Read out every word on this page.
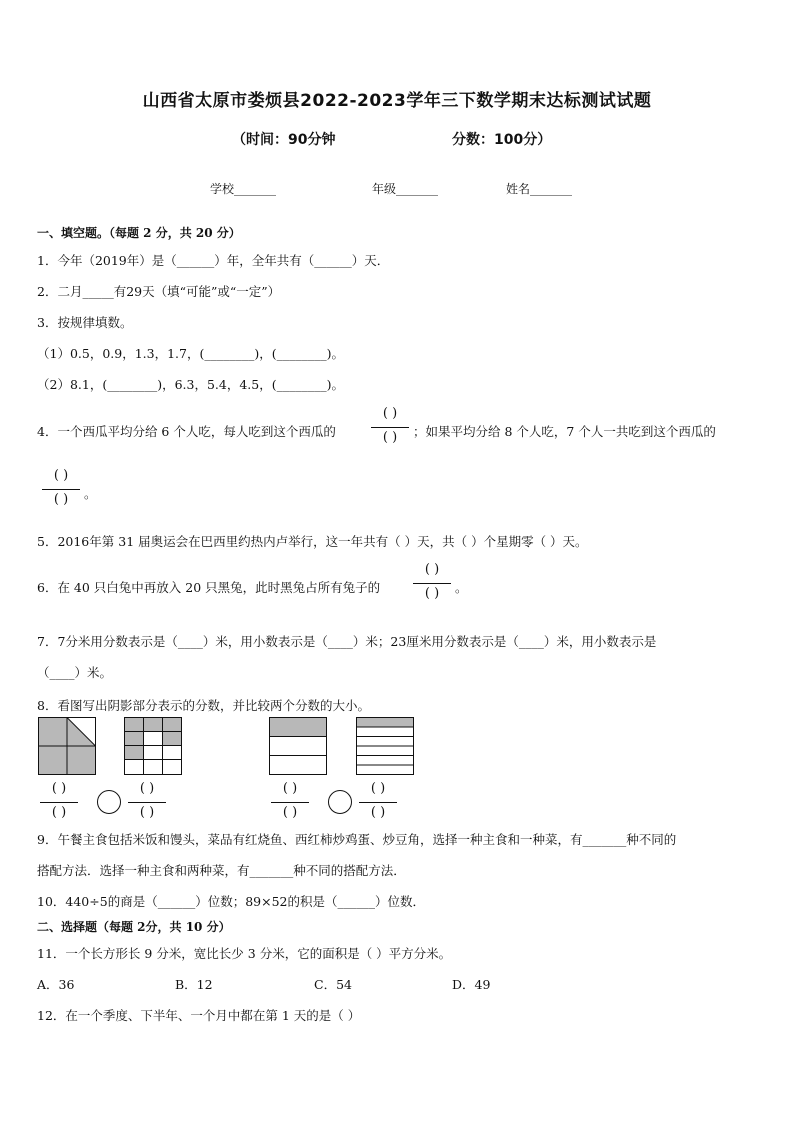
山西省太原市娄烦县2022-2023学年三下数学期末达标测试试题
（时间：90分钟	分数：100分）
学校_______	年级_______	姓名_______
一、填空题。（每题 2 分，共 20 分）
1．今年（2019年）是（______）年，全年共有（______）天．
2．二月_____有29天（填“可能”或“一定”）
3．按规律填数。
（1）0.5，0.9，1.3，1.7，(________)，(________)。
（2）8.1，(________)，6.3，5.4，4.5，(________)。
4．一个西瓜平均分给 6 个人吃，每人吃到这个西瓜的
( )
( )	；如果平均分给 8 个人吃，7 个人一共吃到这个西瓜的
( )
( )	。
5．2016年第 31 届奥运会在巴西里约热内卢举行，这一年共有（ ）天，共（ ）个星期零（ ）天。
6．在 40 只白兔中再放入 20 只黑兔，此时黑兔占所有兔子的
( )
( )	。
7．7分米用分数表示是（____）米，用小数表示是（____）米；23厘米用分数表示是（____）米，用小数表示是
（____）米。
8．看图写出阴影部分表示的分数，并比较两个分数的大小。
( )
( )
( )
( )
( )
( )
( )
( )
9．午餐主食包括米饭和馒头，菜品有红烧鱼、西红柿炒鸡蛋、炒豆角，选择一种主食和一种菜，有_______种不同的
搭配方法．选择一种主食和两种菜，有_______种不同的搭配方法．
10．440÷5的商是（______）位数；89×52的积是（______）位数．
二、选择题（每题 2分，共 10 分）
11．一个长方形长 9 分米，宽比长少 3 分米，它的面积是（ ）平方分米。
A．36	B．12	C．54	D．49
12．在一个季度、下半年、一个月中都在第 1 天的是（ ）
